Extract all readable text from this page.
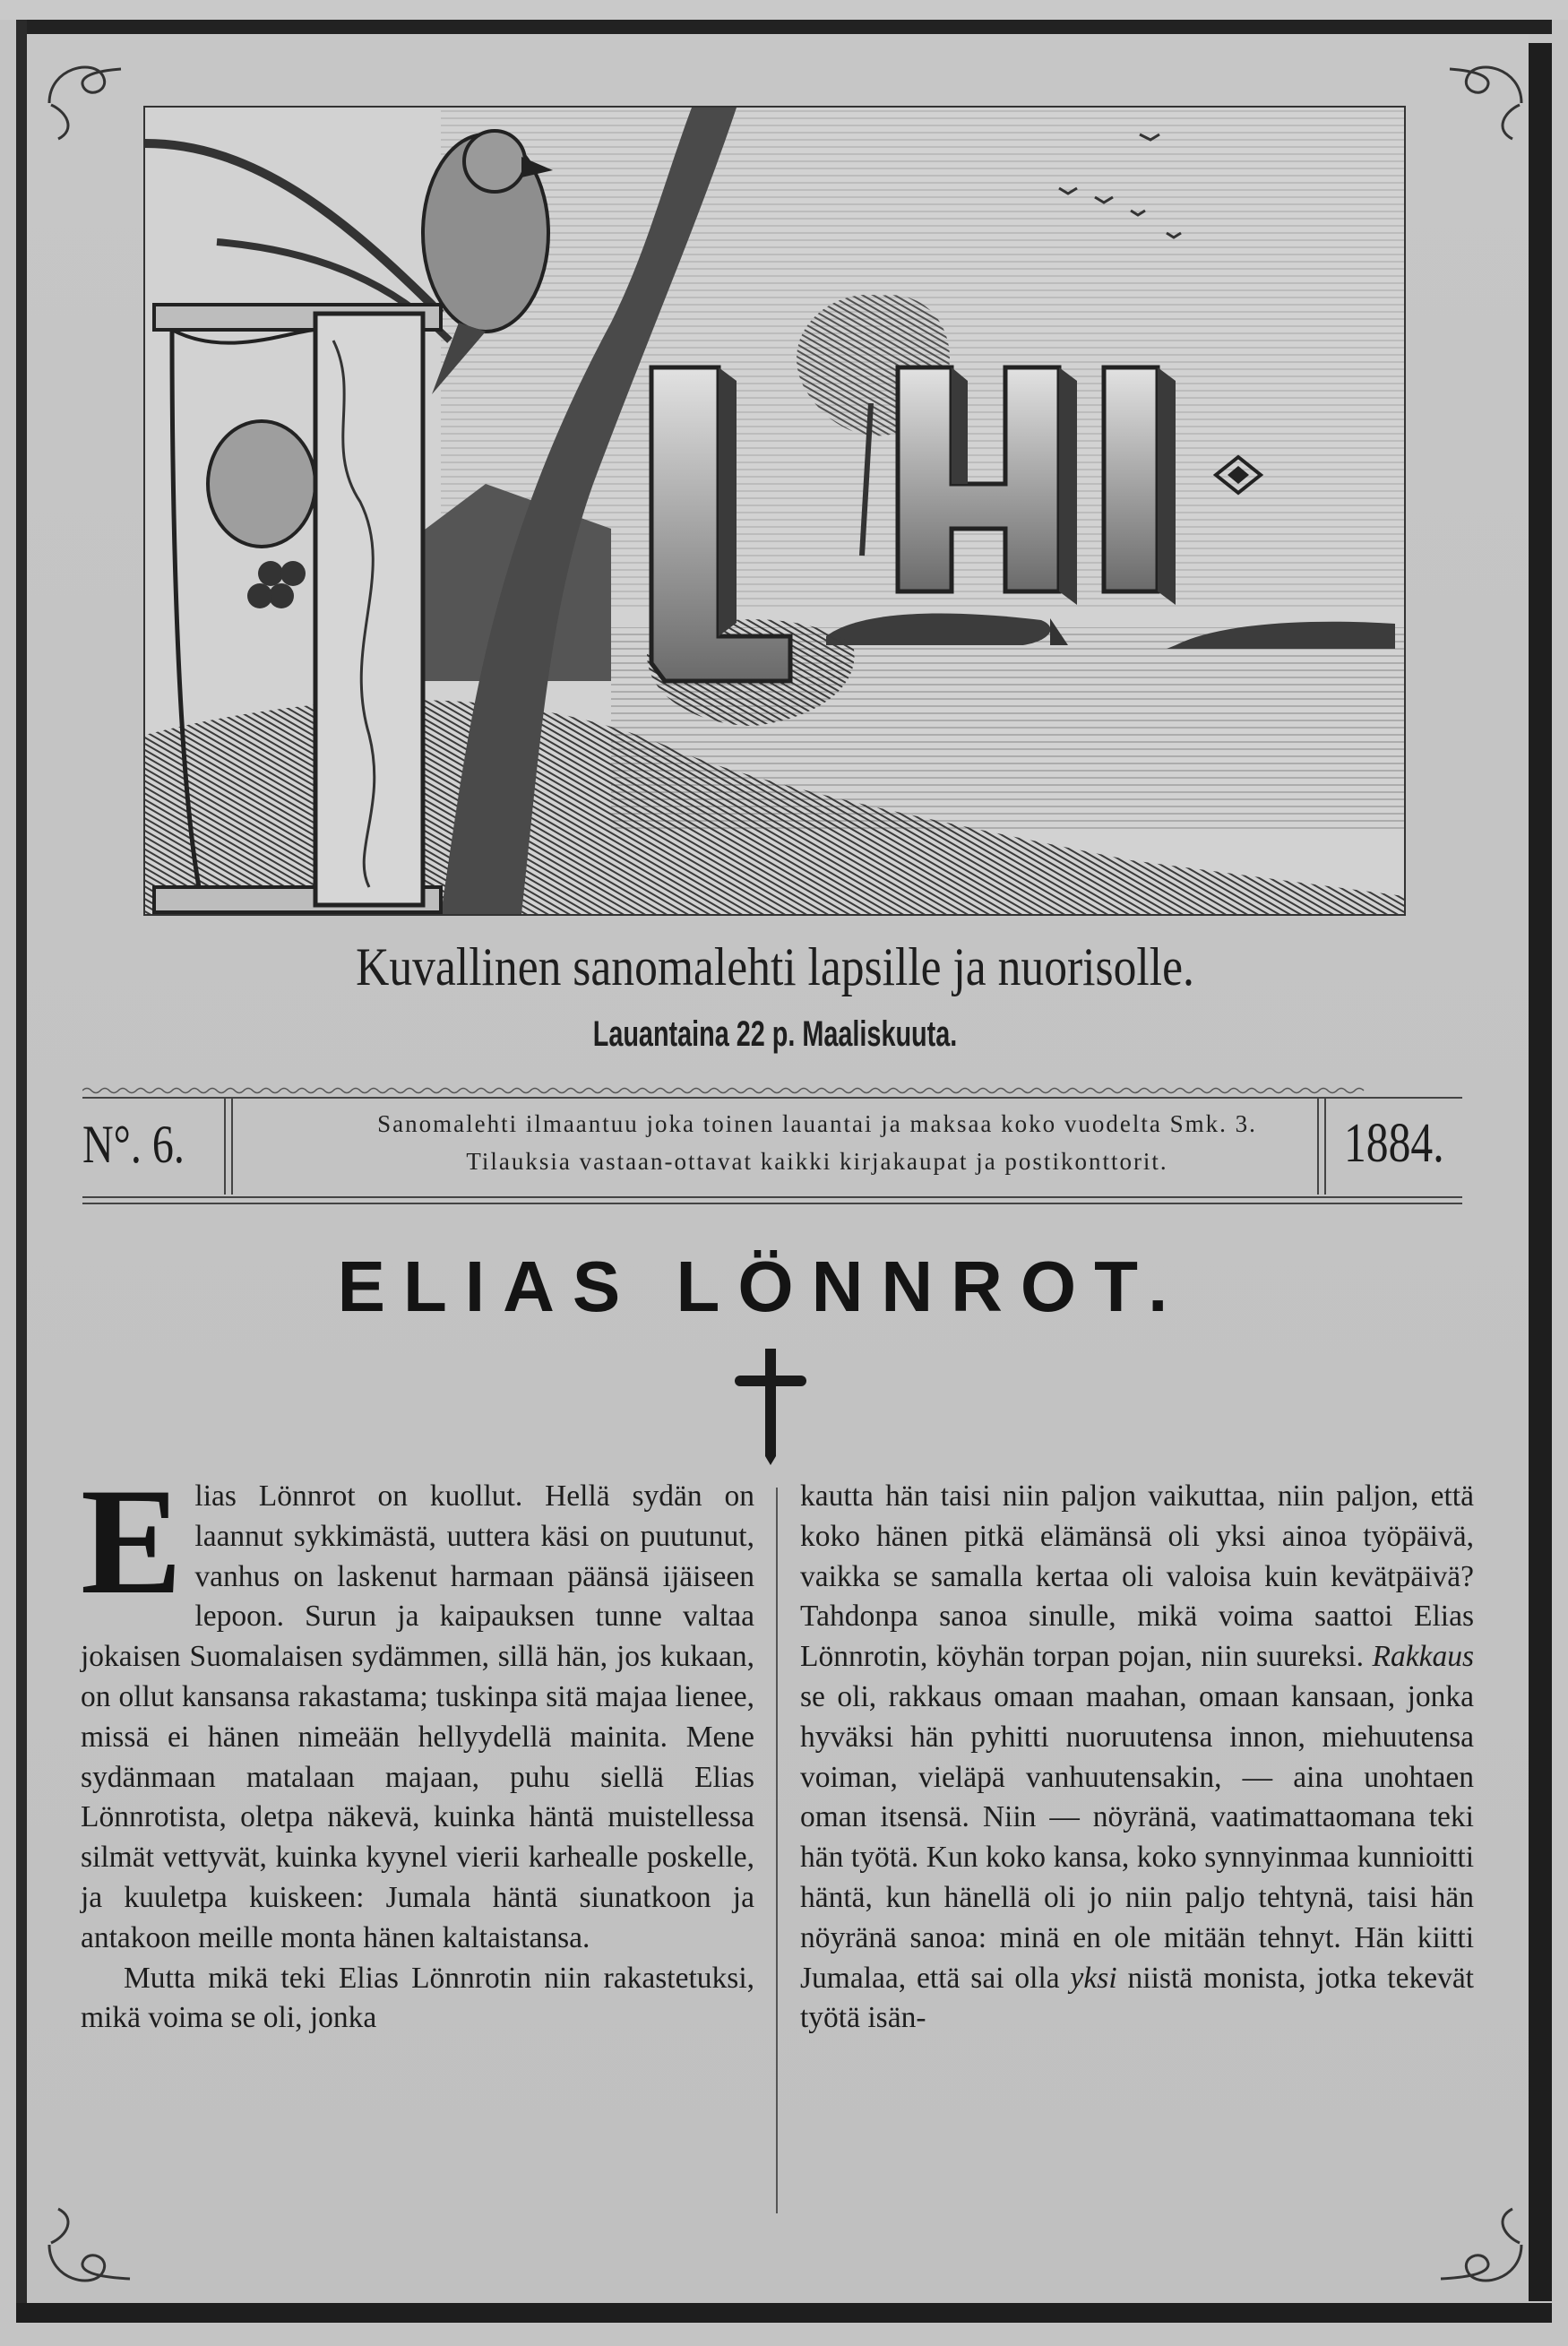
Kuvallinen sanomalehti lapsille ja nuorisolle.
Lauantaina 22 p. Maaliskuuta.
N°. 6.	Sanomalehti ilmaantuu joka toinen lauantai ja maksaa koko vuodelta Smk. 3.
Tilauksia vastaan-ottavat kaikki kirjakaupat ja postikonttorit.	1884.
ELIAS LÖNNROT.
E lias Lönnrot on kuollut. Hellä sydän on laannut sykkimästä, uuttera käsi on puutunut, vanhus on laskenut harmaan päänsä ijäiseen lepoon. Surun ja kaipauksen tunne valtaa jokaisen Suomalaisen sydämmen, sillä hän, jos kukaan, on ollut kansansa rakastama; tuskinpa sitä majaa lienee, missä ei hänen nimeään hellyydellä mainita. Mene sydänmaan matalaan majaan, puhu siellä Elias Lönnrotista, oletpa näkevä, kuinka häntä muistellessa silmät vettyvät, kuinka kyynel vierii karhealle poskelle, ja kuuletpa kuiskeen: Jumala häntä siunatkoon ja antakoon meille monta hänen kaltaistansa.
Mutta mikä teki Elias Lönnrotin niin rakastetuksi, mikä voima se oli, jonka
kautta hän taisi niin paljon vaikuttaa, niin paljon, että koko hänen pitkä elämänsä oli yksi ainoa työpäivä, vaikka se samalla kertaa oli valoisa kuin kevätpäivä? Tahdonpa sanoa sinulle, mikä voima saattoi Elias Lönnrotin, köyhän torpan pojan, niin suureksi. Rakkaus se oli, rakkaus omaan maahan, omaan kansaan, jonka hyväksi hän pyhitti nuoruutensa innon, miehuutensa voiman, vieläpä vanhuutensakin, — aina unohtaen oman itsensä. Niin — nöyränä, vaatimattaomana teki hän työtä. Kun koko kansa, koko synnyinmaa kunnioitti häntä, kun hänellä oli jo niin paljo tehtynä, taisi hän nöyränä sanoa: minä en ole mitään tehnyt. Hän kiitti Jumalaa, että sai olla yksi niistä monista, jotka tekevät työtä isän-
